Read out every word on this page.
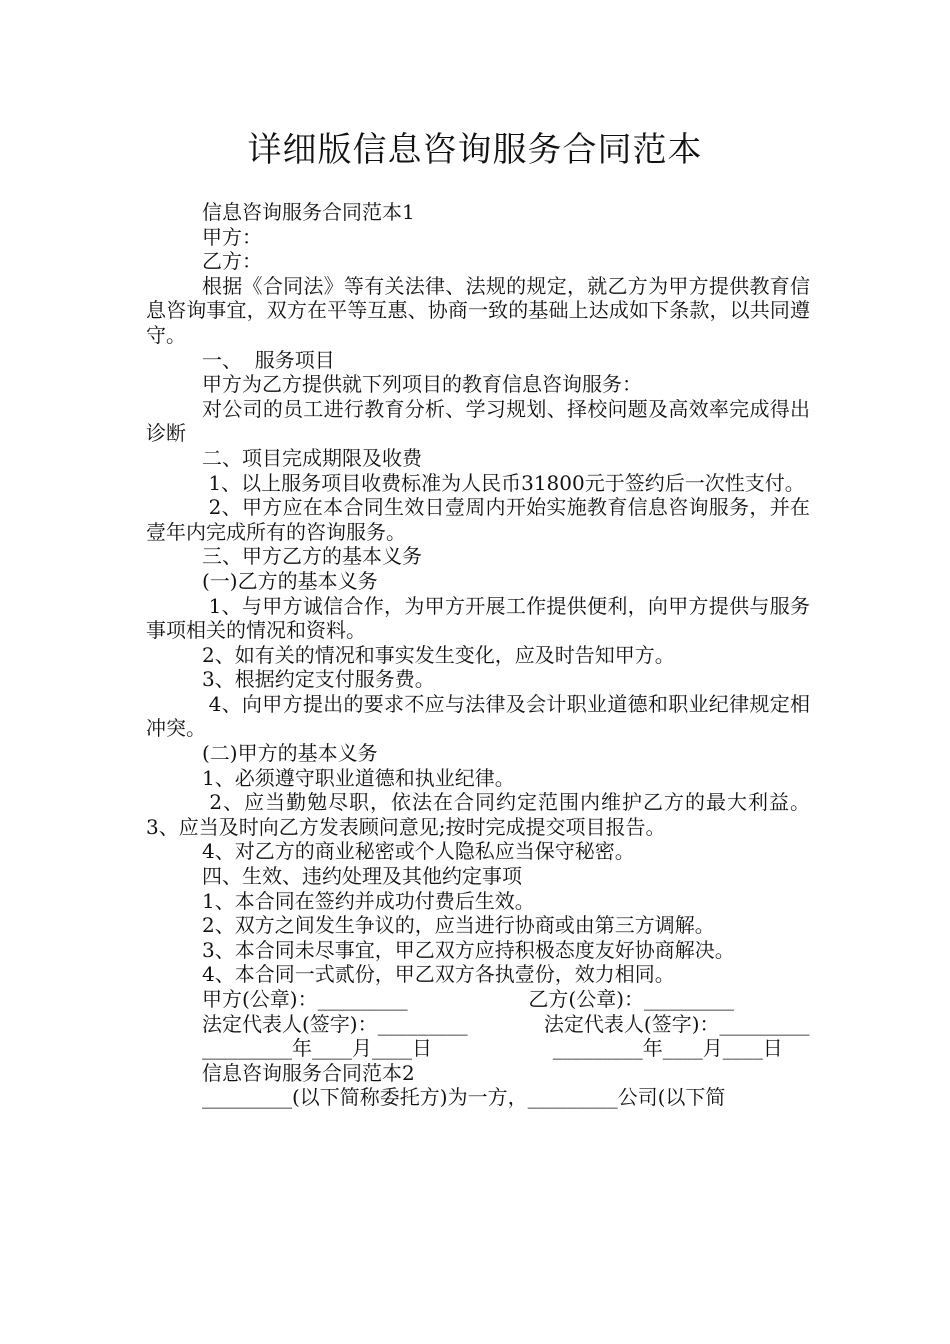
详细版信息咨询服务合同范本

信息咨询服务合同范本1

甲方：

乙方：

根据《合同法》等有关法律、法规的规定，就乙方为甲方提供教育信息咨询事宜，双方在平等互惠、协商一致的基础上达成如下条款，以共同遵守。

一、  服务项目

甲方为乙方提供就下列项目的教育信息咨询服务：

对公司的员工进行教育分析、学习规划、择校问题及高效率完成得出诊断

二、项目完成期限及收费

1、以上服务项目收费标准为人民币31800元于签约后一次性支付。

2、甲方应在本合同生效日壹周内开始实施教育信息咨询服务，并在壹年内完成所有的咨询服务。

三、甲方乙方的基本义务

(一)乙方的基本义务

1、与甲方诚信合作，为甲方开展工作提供便利，向甲方提供与服务事项相关的情况和资料。

2、如有关的情况和事实发生变化，应及时告知甲方。

3、根据约定支付服务费。

4、向甲方提出的要求不应与法律及会计职业道德和职业纪律规定相冲突。

(二)甲方的基本义务

1、必须遵守职业道德和执业纪律。

2、应当勤勉尽职，依法在合同约定范围内维护乙方的最大利益。3、应当及时向乙方发表顾问意见;按时完成提交项目报告。

4、对乙方的商业秘密或个人隐私应当保守秘密。

四、生效、违约处理及其他约定事项

1、本合同在签约并成功付费后生效。

2、双方之间发生争议的，应当进行协商或由第三方调解。

3、本合同未尽事宜，甲乙双方应持积极态度友好协商解决。

4、本合同一式贰份，甲乙双方各执壹份，效力相同。

甲方(公章)：_________                   乙方(公章)：_________

法定代表人(签字)：_________            法定代表人(签字)：_________

_________年____月____日                   _________年____月____日

信息咨询服务合同范本2

_________(以下简称委托方)为一方，_________公司(以下简
